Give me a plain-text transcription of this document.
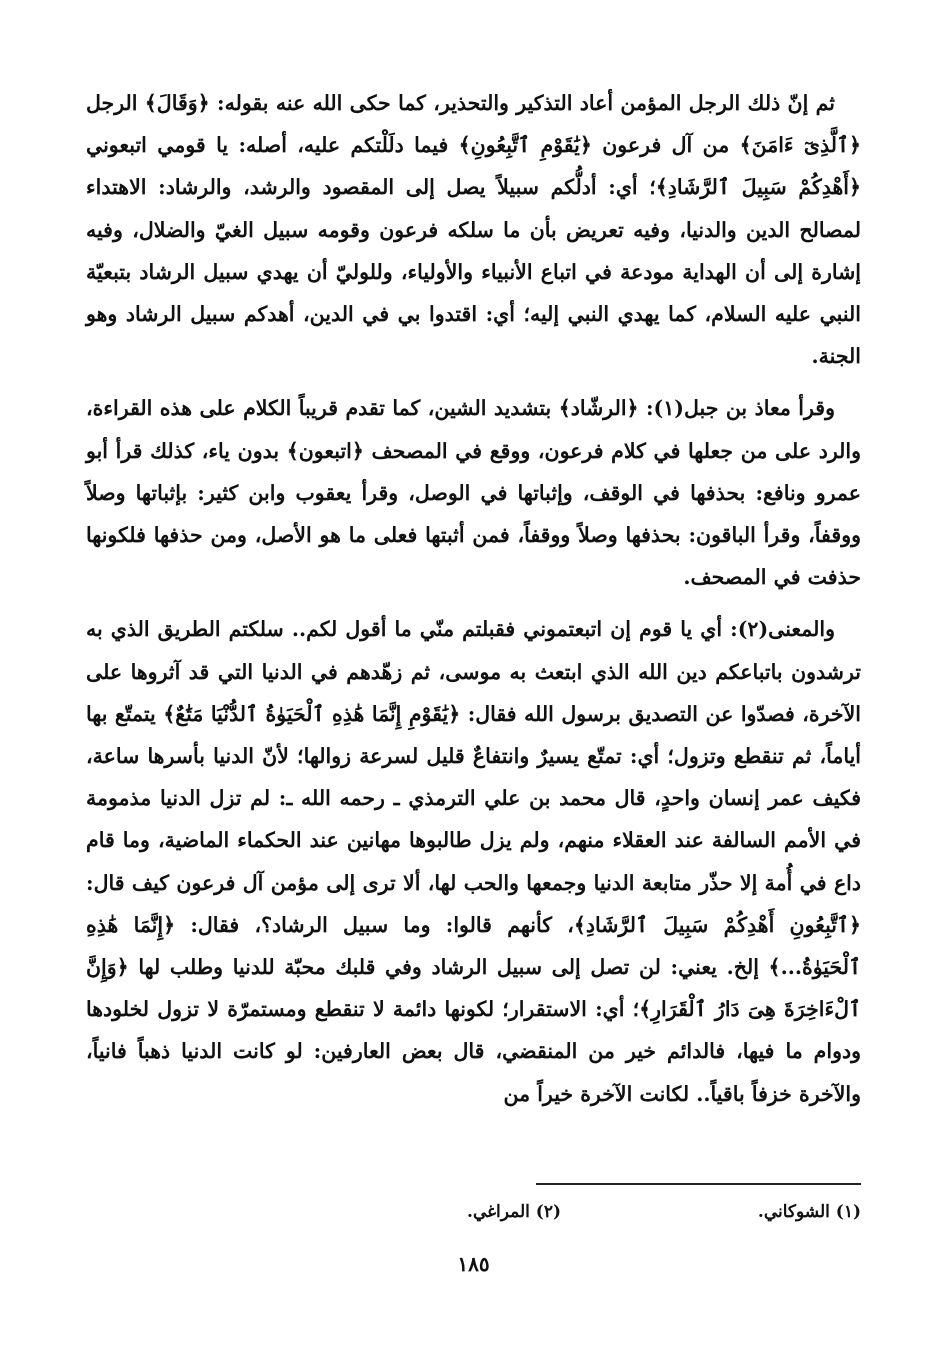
ثم إنّ ذلك الرجل المؤمن أعاد التذكير والتحذير، كما حكى الله عنه بقوله: ﴿وَقَالَ﴾ الرجل ﴿ٱلَّذِىٓ ءَامَنَ﴾ من آل فرعون ﴿يَٰقَوْمِ ٱتَّبِعُونِ﴾ فيما دلَلْتكم عليه، أصله: يا قومي اتبعوني ﴿أَهْدِكُمْ سَبِيلَ ٱلرَّشَادِ﴾؛ أي: أدلُّكم سبيلاً يصل إلى المقصود والرشد، والرشاد: الاهتداء لمصالح الدين والدنيا، وفيه تعريض بأن ما سلكه فرعون وقومه سبيل الغيّ والضلال، وفيه إشارة إلى أن الهداية مودعة في اتباع الأنبياء والأولياء، وللوليّ أن يهدي سبيل الرشاد بتبعيّة النبي عليه السلام، كما يهدي النبي إليه؛ أي: اقتدوا بي في الدين، أهدكم سبيل الرشاد وهو الجنة.

وقرأ معاذ بن جبل(١): ﴿الرشّاد﴾ بتشديد الشين، كما تقدم قريباً الكلام على هذه القراءة، والرد على من جعلها في كلام فرعون، ووقع في المصحف ﴿اتبعون﴾ بدون ياء، كذلك قرأ أبو عمرو ونافع: بحذفها في الوقف، وإثباتها في الوصل، وقرأ يعقوب وابن كثير: بإثباتها وصلاً ووقفاً، وقرأ الباقون: بحذفها وصلاً ووقفاً، فمن أثبتها فعلى ما هو الأصل، ومن حذفها فلكونها حذفت في المصحف.

والمعنى(٢): أي يا قوم إن اتبعتموني فقبلتم منّي ما أقول لكم.. سلكتم الطريق الذي به ترشدون باتباعكم دين الله الذي ابتعث به موسى، ثم زهّدهم في الدنيا التي قد آثروها على الآخرة، فصدّوا عن التصديق برسول الله فقال: ﴿يَٰقَوْمِ إِنَّمَا هَٰذِهِ ٱلْحَيَوٰةُ ٱلدُّنْيَا مَتَٰعٌ﴾ يتمتّع بها أياماً، ثم تنقطع وتزول؛ أي: تمتّع يسيرٌ وانتفاعٌ قليل لسرعة زوالها؛ لأنّ الدنيا بأسرها ساعة، فكيف عمر إنسان واحدٍ، قال محمد بن علي الترمذي ـ رحمه الله ـ: لم تزل الدنيا مذمومة في الأمم السالفة عند العقلاء منهم، ولم يزل طالبوها مهانين عند الحكماء الماضية، وما قام داع في أُمة إلا حذّر متابعة الدنيا وجمعها والحب لها، ألا ترى إلى مؤمن آل فرعون كيف قال: ﴿ٱتَّبِعُونِ أَهْدِكُمْ سَبِيلَ ٱلرَّشَادِ﴾، كأنهم قالوا: وما سبيل الرشاد؟، فقال: ﴿إِنَّمَا هَٰذِهِ ٱلْحَيَوٰةُ...﴾ إلخ. يعني: لن تصل إلى سبيل الرشاد وفي قلبك محبّة للدنيا وطلب لها ﴿وَإِنَّ ٱلْءَاخِرَةَ هِىَ دَارُ ٱلْقَرَارِ﴾؛ أي: الاستقرار؛ لكونها دائمة لا تنقطع ومستمرّة لا تزول لخلودها ودوام ما فيها، فالدائم خير من المنقضي، قال بعض العارفين: لو كانت الدنيا ذهباً فانياً، والآخرة خزفاً باقياً.. لكانت الآخرة خيراً من

(١) الشوكاني.
(٢) المراغي.
١٨٥
